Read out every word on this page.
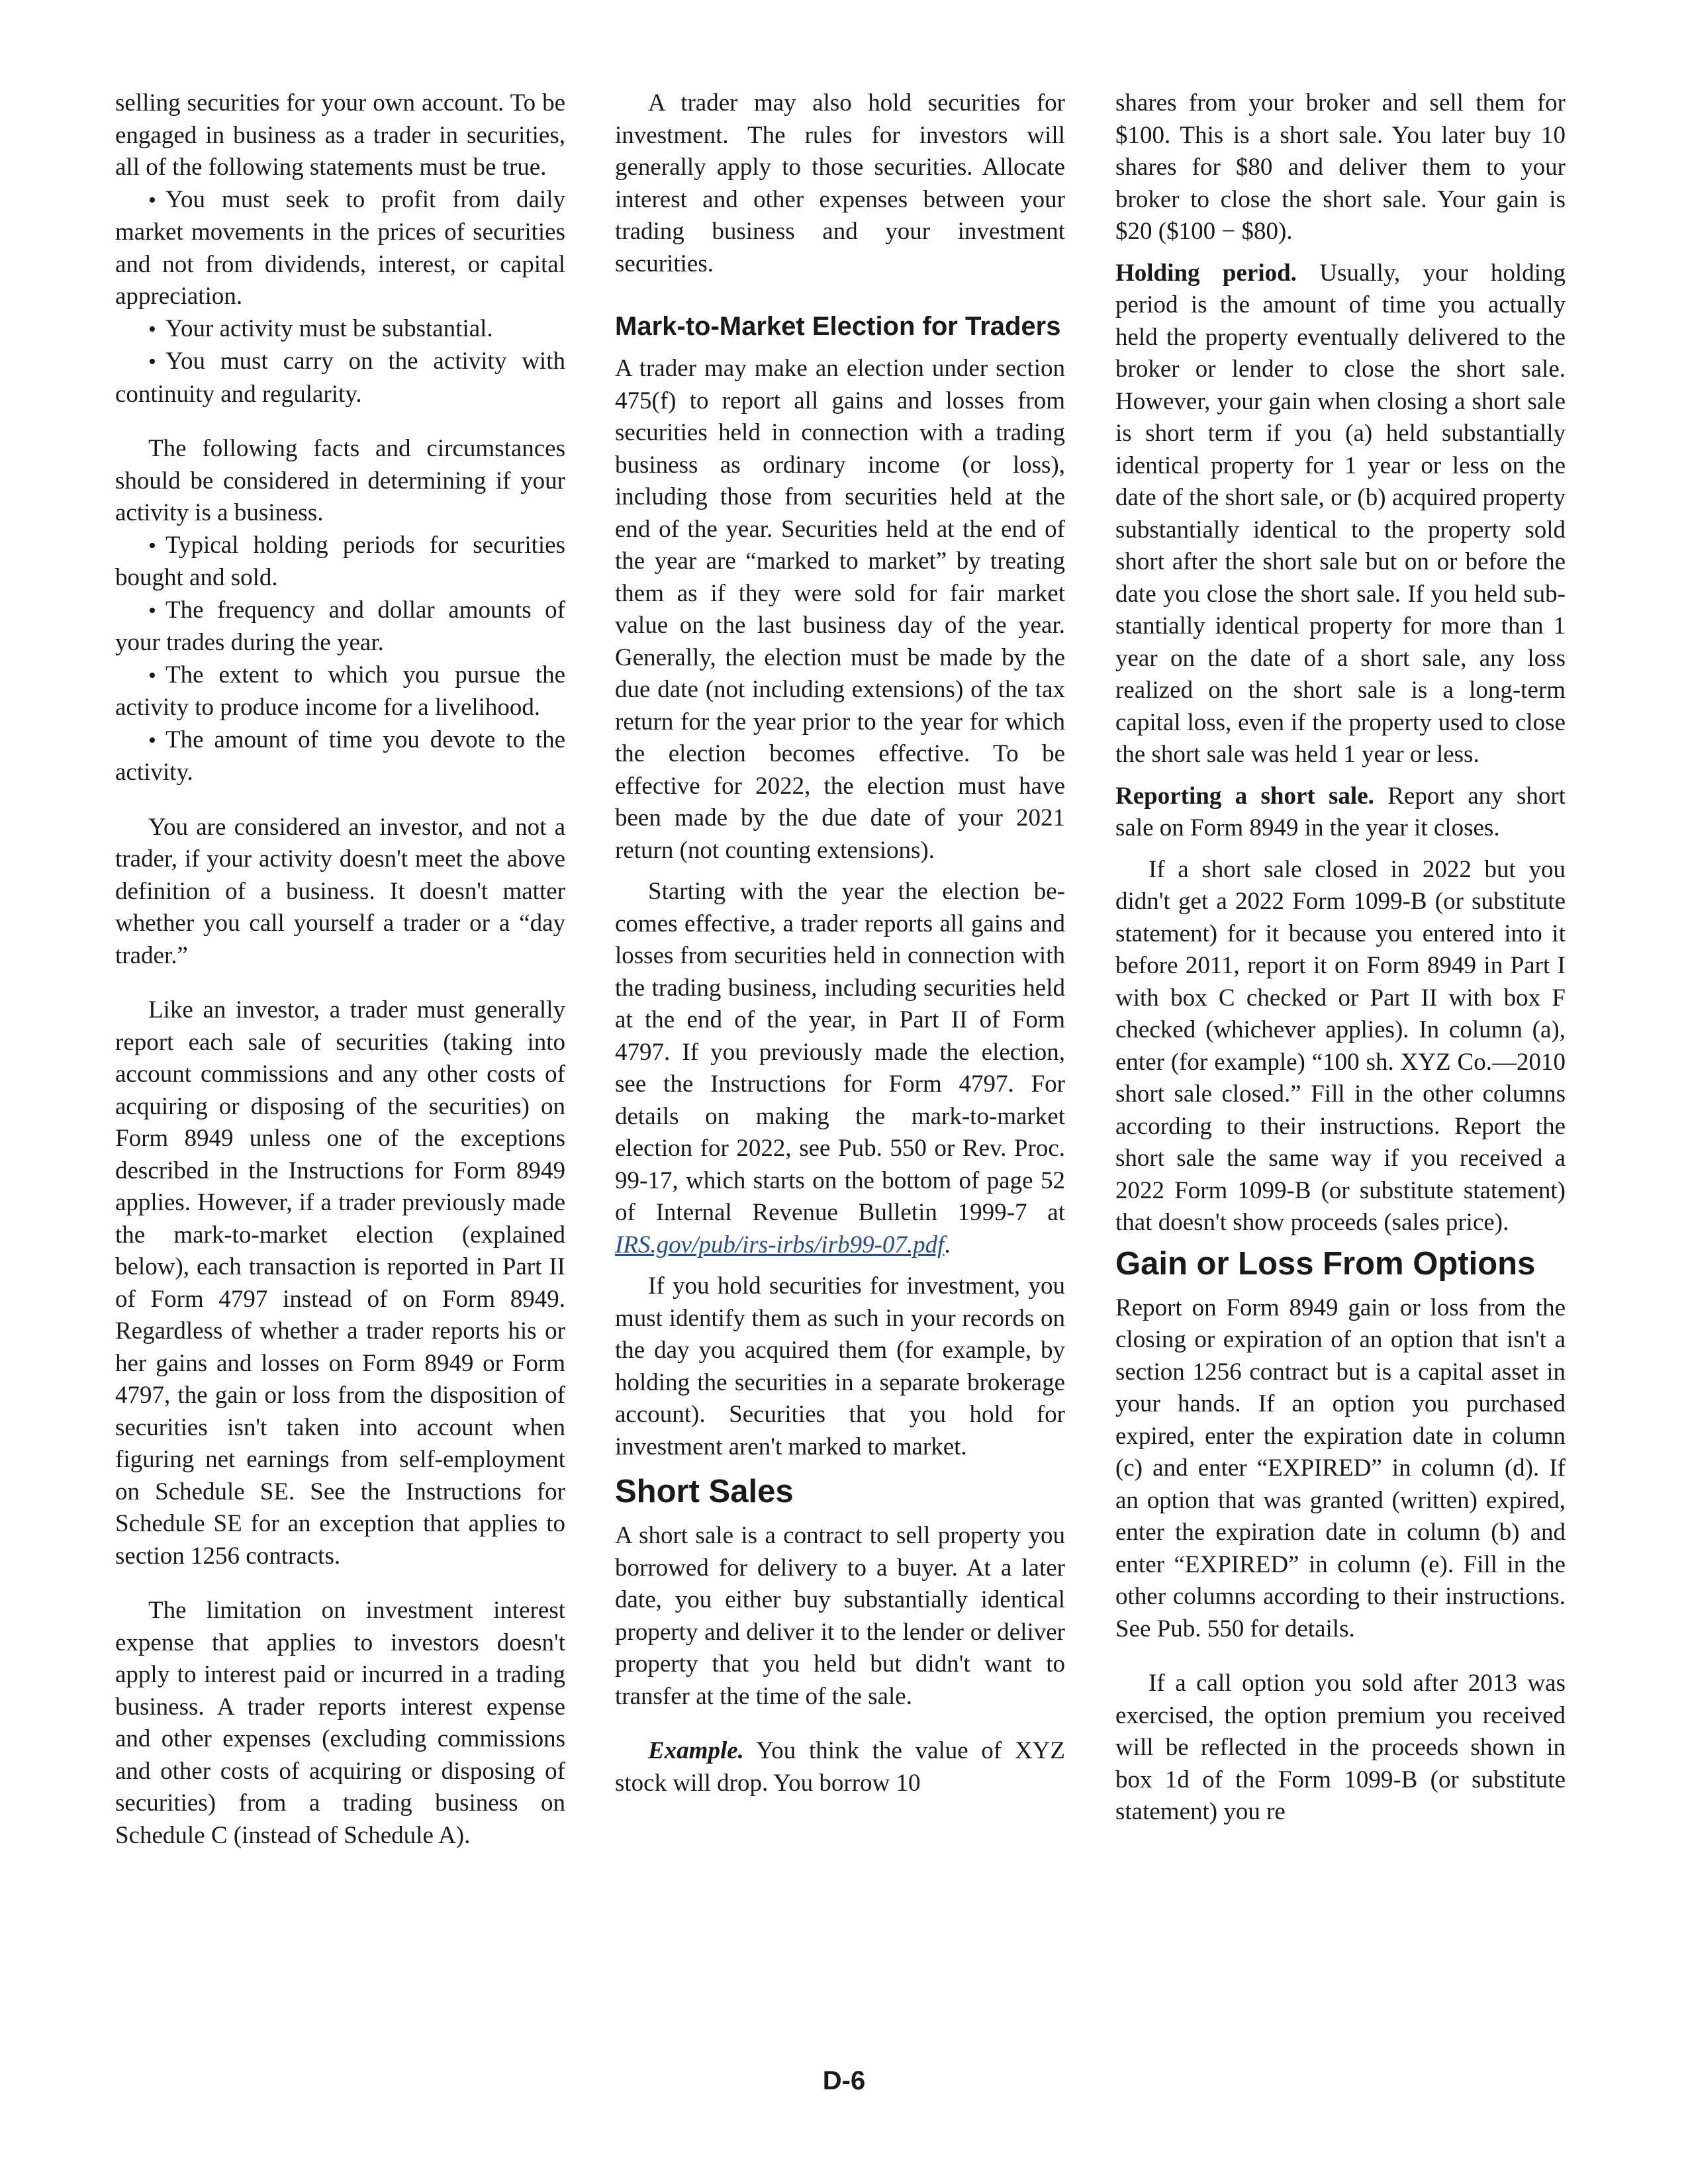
selling securities for your own account. To be engaged in business as a trader in securities, all of the following statements must be true.

• You must seek to profit from daily market movements in the prices of securities and not from dividends, interest, or capital appreciation.

• Your activity must be substantial.

• You must carry on the activity with continuity and regularity.

The following facts and circumstances should be considered in determining if your activity is a business.

• Typical holding periods for securities bought and sold.

• The frequency and dollar amounts of your trades during the year.

• The extent to which you pursue the activity to produce income for a livelihood.

• The amount of time you devote to the activity.

You are considered an investor, and not a trader, if your activity doesn't meet the above definition of a business. It doesn't matter whether you call yourself a trader or a “day trader.”

Like an investor, a trader must generally report each sale of securities (taking into account commissions and any other costs of acquiring or disposing of the securities) on Form 8949 unless one of the exceptions described in the Instructions for Form 8949 applies. However, if a trader previously made the mark-to-market election (explained below), each transaction is reported in Part II of Form 4797 instead of on Form 8949. Regardless of whether a trader reports his or her gains and losses on Form 8949 or Form 4797, the gain or loss from the disposition of securities isn't taken into account when figuring net earnings from self-employment on Schedule SE. See the Instructions for Schedule SE for an exception that applies to section 1256 contracts.

The limitation on investment interest expense that applies to investors doesn't apply to interest paid or incurred in a trading business. A trader reports interest expense and other expenses (excluding commissions and other costs of acquiring or disposing of securities) from a trading business on Schedule C (instead of Schedule A).

A trader may also hold securities for investment. The rules for investors will generally apply to those securities. Allocate interest and other expenses between your trading business and your investment securities.

Mark-to-Market Election for Traders

A trader may make an election under section 475(f) to report all gains and losses from securities held in connection with a trading business as ordinary income (or loss), including those from securities held at the end of the year. Securities held at the end of the year are “marked to market” by treating them as if they were sold for fair market value on the last business day of the year. Generally, the election must be made by the due date (not including extensions) of the tax return for the year prior to the year for which the election becomes effective. To be effective for 2022, the election must have been made by the due date of your 2021 return (not counting extensions).

Starting with the year the election becomes effective, a trader reports all gains and losses from securities held in connection with the trading business, including securities held at the end of the year, in Part II of Form 4797. If you previously made the election, see the Instructions for Form 4797. For details on making the mark-to-market election for 2022, see Pub. 550 or Rev. Proc. 99-17, which starts on the bottom of page 52 of Internal Revenue Bulletin 1999-7 at IRS.gov/pub/irs-irbs/irb99-07.pdf.

If you hold securities for investment, you must identify them as such in your records on the day you acquired them (for example, by holding the securities in a separate brokerage account). Securities that you hold for investment aren't marked to market.

Short Sales

A short sale is a contract to sell property you borrowed for delivery to a buyer. At a later date, you either buy substantially identical property and deliver it to the lender or deliver property that you held but didn't want to transfer at the time of the sale.

Example. You think the value of XYZ stock will drop. You borrow 10

shares from your broker and sell them for $100. This is a short sale. You later buy 10 shares for $80 and deliver them to your broker to close the short sale. Your gain is $20 ($100 − $80).

Holding period. Usually, your holding period is the amount of time you actually held the property eventually delivered to the broker or lender to close the short sale. However, your gain when closing a short sale is short term if you (a) held substantially identical property for 1 year or less on the date of the short sale, or (b) acquired property substantially identical to the property sold short after the short sale but on or before the date you close the short sale. If you held substantially identical property for more than 1 year on the date of a short sale, any loss realized on the short sale is a long-term capital loss, even if the property used to close the short sale was held 1 year or less.

Reporting a short sale. Report any short sale on Form 8949 in the year it closes.

If a short sale closed in 2022 but you didn't get a 2022 Form 1099-B (or substitute statement) for it because you entered into it before 2011, report it on Form 8949 in Part I with box C checked or Part II with box F checked (whichever applies). In column (a), enter (for example) “100 sh. XYZ Co.—2010 short sale closed.” Fill in the other columns according to their instructions. Report the short sale the same way if you received a 2022 Form 1099-B (or substitute statement) that doesn't show proceeds (sales price).

Gain or Loss From Options

Report on Form 8949 gain or loss from the closing or expiration of an option that isn't a section 1256 contract but is a capital asset in your hands. If an option you purchased expired, enter the expiration date in column (c) and enter “EXPIRED” in column (d). If an option that was granted (written) expired, enter the expiration date in column (b) and enter “EXPIRED” in column (e). Fill in the other columns according to their instructions. See Pub. 550 for details.

If a call option you sold after 2013 was exercised, the option premium you received will be reflected in the proceeds shown in box 1d of the Form 1099-B (or substitute statement) you re

D-6
